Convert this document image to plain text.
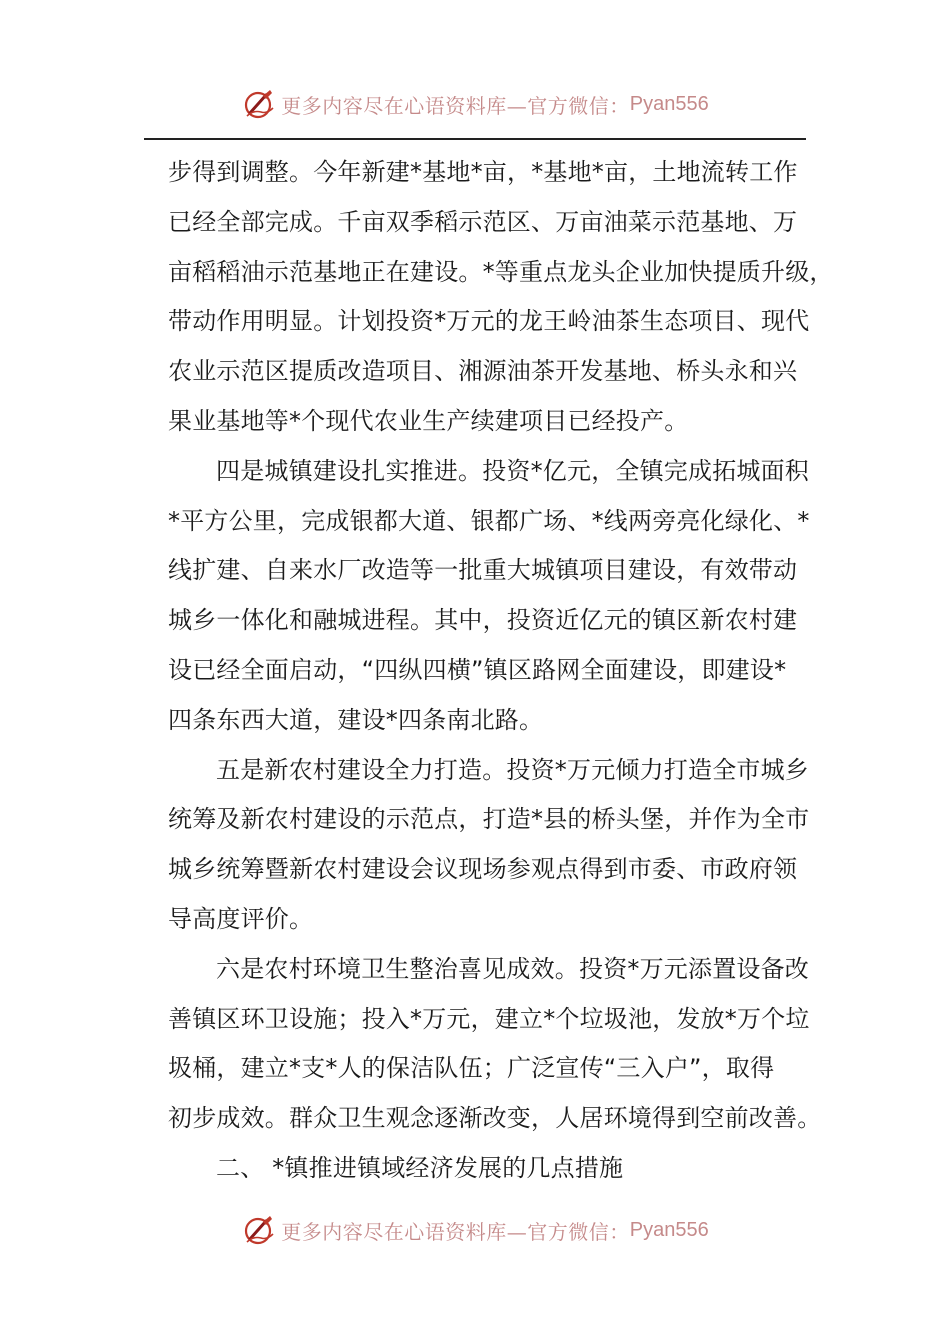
更多内容尽在心语资料库—官方微信： Pyan556
步得到调整。今年新建*基地*亩，*基地*亩，土地流转工作
已经全部完成。千亩双季稻示范区、万亩油菜示范基地、万
亩稻稻油示范基地正在建设。*等重点龙头企业加快提质升级，
带动作用明显。计划投资*万元的龙王岭油茶生态项目、现代
农业示范区提质改造项目、湘源油茶开发基地、桥头永和兴
果业基地等*个现代农业生产续建项目已经投产。
四是城镇建设扎实推进。投资*亿元，全镇完成拓城面积
*平方公里，完成银都大道、银都广场、*线两旁亮化绿化、*
线扩建、自来水厂改造等一批重大城镇项目建设，有效带动
城乡一体化和融城进程。其中，投资近亿元的镇区新农村建
设已经全面启动，“四纵四横”镇区路网全面建设，即建设*
四条东西大道，建设*四条南北路。
五是新农村建设全力打造。投资*万元倾力打造全市城乡
统筹及新农村建设的示范点，打造*县的桥头堡，并作为全市
城乡统筹暨新农村建设会议现场参观点得到市委、市政府领
导高度评价。
六是农村环境卫生整治喜见成效。投资*万元添置设备改
善镇区环卫设施；投入*万元，建立*个垃圾池，发放*万个垃
圾桶，建立*支*人的保洁队伍；广泛宣传“三入户”，取得
初步成效。群众卫生观念逐渐改变，人居环境得到空前改善。
二、 *镇推进镇域经济发展的几点措施
更多内容尽在心语资料库—官方微信： Pyan556
